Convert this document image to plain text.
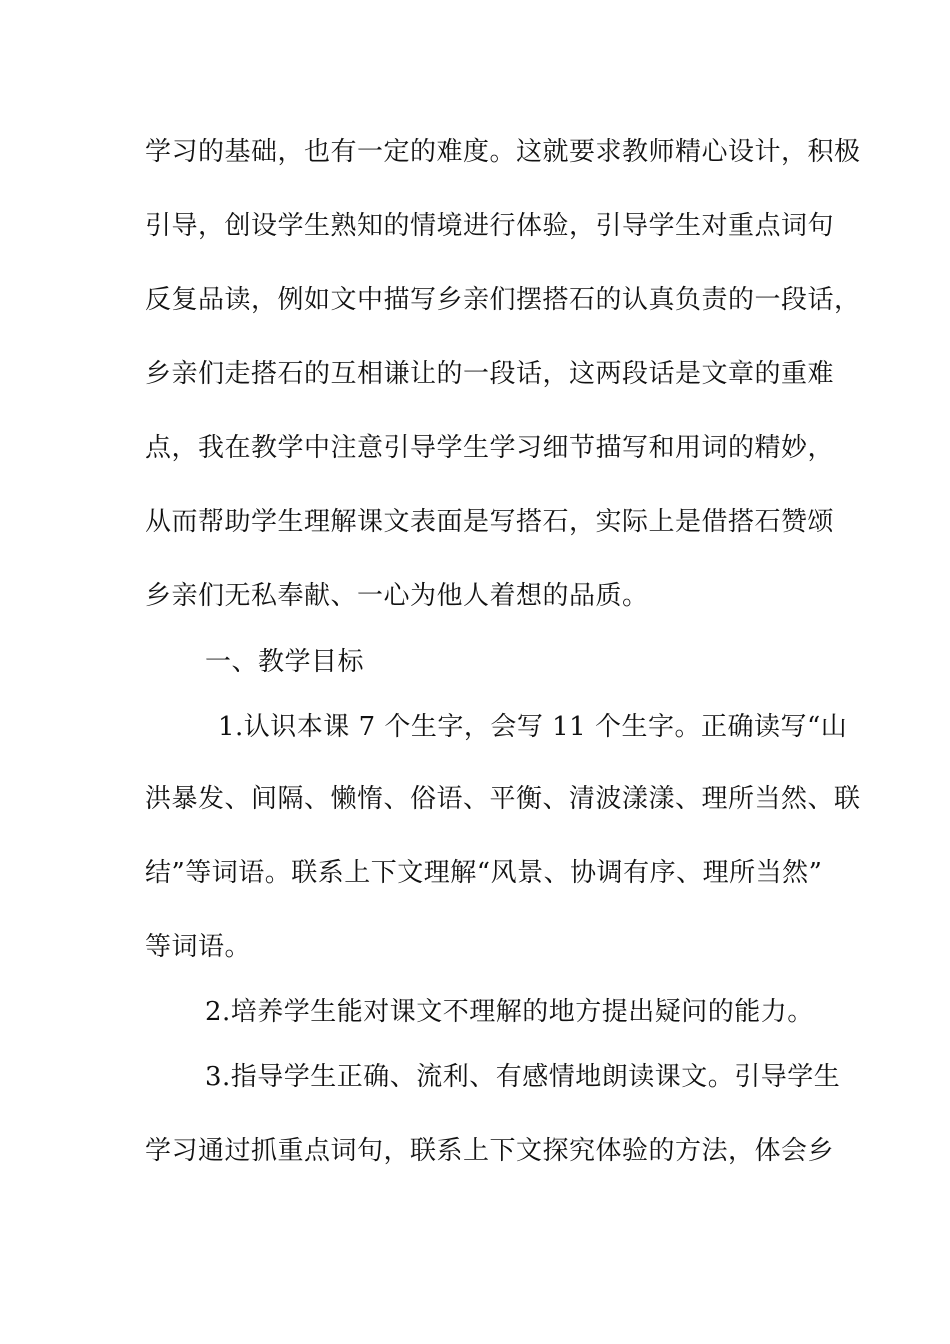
学习的基础，也有一定的难度。这就要求教师精心设计，积极
引导，创设学生熟知的情境进行体验，引导学生对重点词句
反复品读，例如文中描写乡亲们摆搭石的认真负责的一段话，
乡亲们走搭石的互相谦让的一段话，这两段话是文章的重难
点，我在教学中注意引导学生学习细节描写和用词的精妙，
从而帮助学生理解课文表面是写搭石，实际上是借搭石赞颂
乡亲们无私奉献、一心为他人着想的品质。
一、教学目标
1.认识本课 7 个生字，会写 11 个生字。正确读写“山
洪暴发、间隔、懒惰、俗语、平衡、清波漾漾、理所当然、联
结”等词语。联系上下文理解“风景、协调有序、理所当然”
等词语。
2.培养学生能对课文不理解的地方提出疑问的能力。
3.指导学生正确、流利、有感情地朗读课文。引导学生
学习通过抓重点词句，联系上下文探究体验的方法，体会乡
